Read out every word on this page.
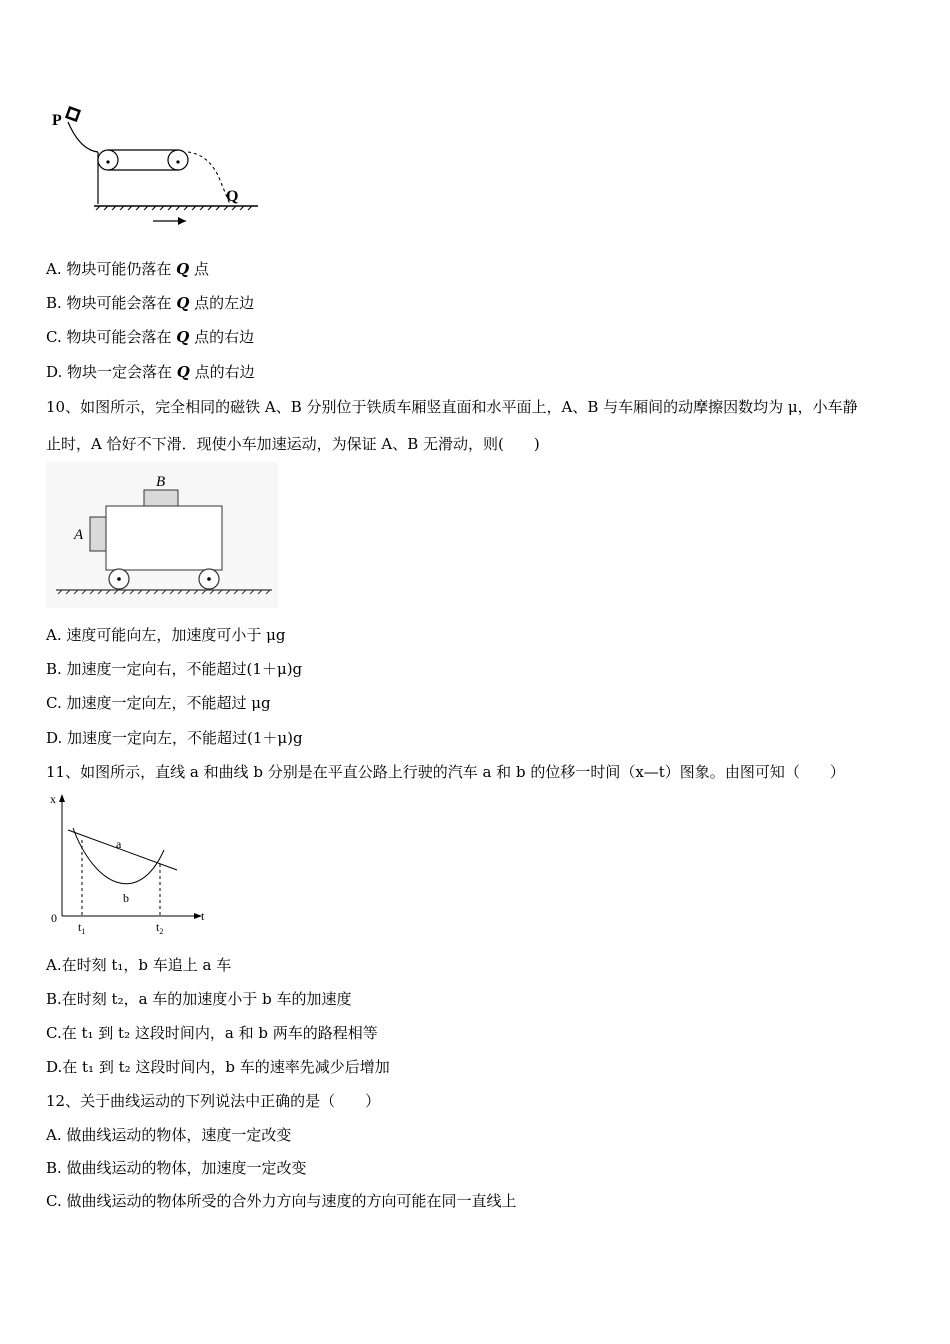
P
Q
A. 物块可能仍落在 Q 点
B. 物块可能会落在 Q 点的左边
C. 物块可能会落在 Q 点的右边
D. 物块一定会落在 Q 点的右边
10、如图所示，完全相同的磁铁 A、B 分别位于铁质车厢竖直面和水平面上，A、B 与车厢间的动摩擦因数均为 μ，小车静
止时，A 恰好不下滑．现使小车加速运动，为保证 A、B 无滑动，则(　　)
B
A
A. 速度可能向左，加速度可小于 μg
B. 加速度一定向右，不能超过(1＋μ)g
C. 加速度一定向左，不能超过 μg
D. 加速度一定向左，不能超过(1＋μ)g
11、如图所示，直线 a 和曲线 b 分别是在平直公路上行驶的汽车 a 和 b 的位移一时间（x—t）图象。由图可知（　　）
x
t
0
a
b
$t_1$	$t_2$
A.在时刻 t₁，b 车追上 a 车
B.在时刻 t₂，a 车的加速度小于 b 车的加速度
C.在 t₁ 到 t₂ 这段时间内，a 和 b 两车的路程相等
D.在 t₁ 到 t₂ 这段时间内，b 车的速率先减少后增加
12、关于曲线运动的下列说法中正确的是（　　）
A. 做曲线运动的物体，速度一定改变
B. 做曲线运动的物体，加速度一定改变
C. 做曲线运动的物体所受的合外力方向与速度的方向可能在同一直线上
